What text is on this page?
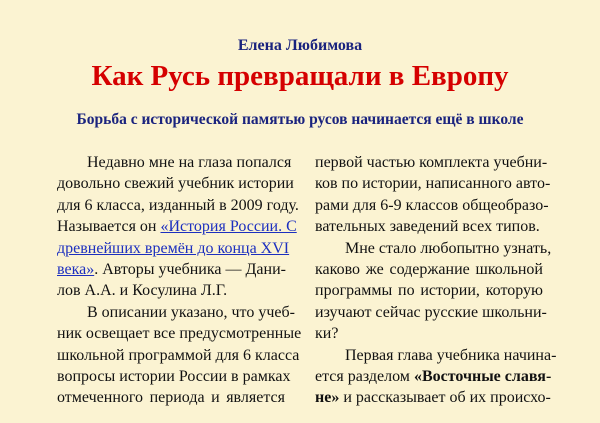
Елена Любимова
Как Русь превращали в Европу
Борьба с исторической памятью русов начинается ещё в школе
Недавно мне на глаза попался
довольно свежий учебник истории
для 6 класса, изданный в 2009 году.
Называется он «История России. С
древнейших времён до конца XVI
века». Авторы учебника — Дани-
лов А.А. и Косулина Л.Г.
В описании указано, что учеб-
ник освещает все предусмотренные
школьной программой для 6 класса
вопросы истории России в рамках
отмеченного периода и является
первой частью комплекта учебни-
ков по истории, написанного авто-
рами для 6-9 классов общеобразо-
вательных заведений всех типов.
Мне стало любопытно узнать,
каково же содержание школьной
программы по истории, которую
изучают сейчас русские школьни-
ки?
Первая глава учебника начина-
ется разделом «Восточные славя-
не» и рассказывает об их происхо-
